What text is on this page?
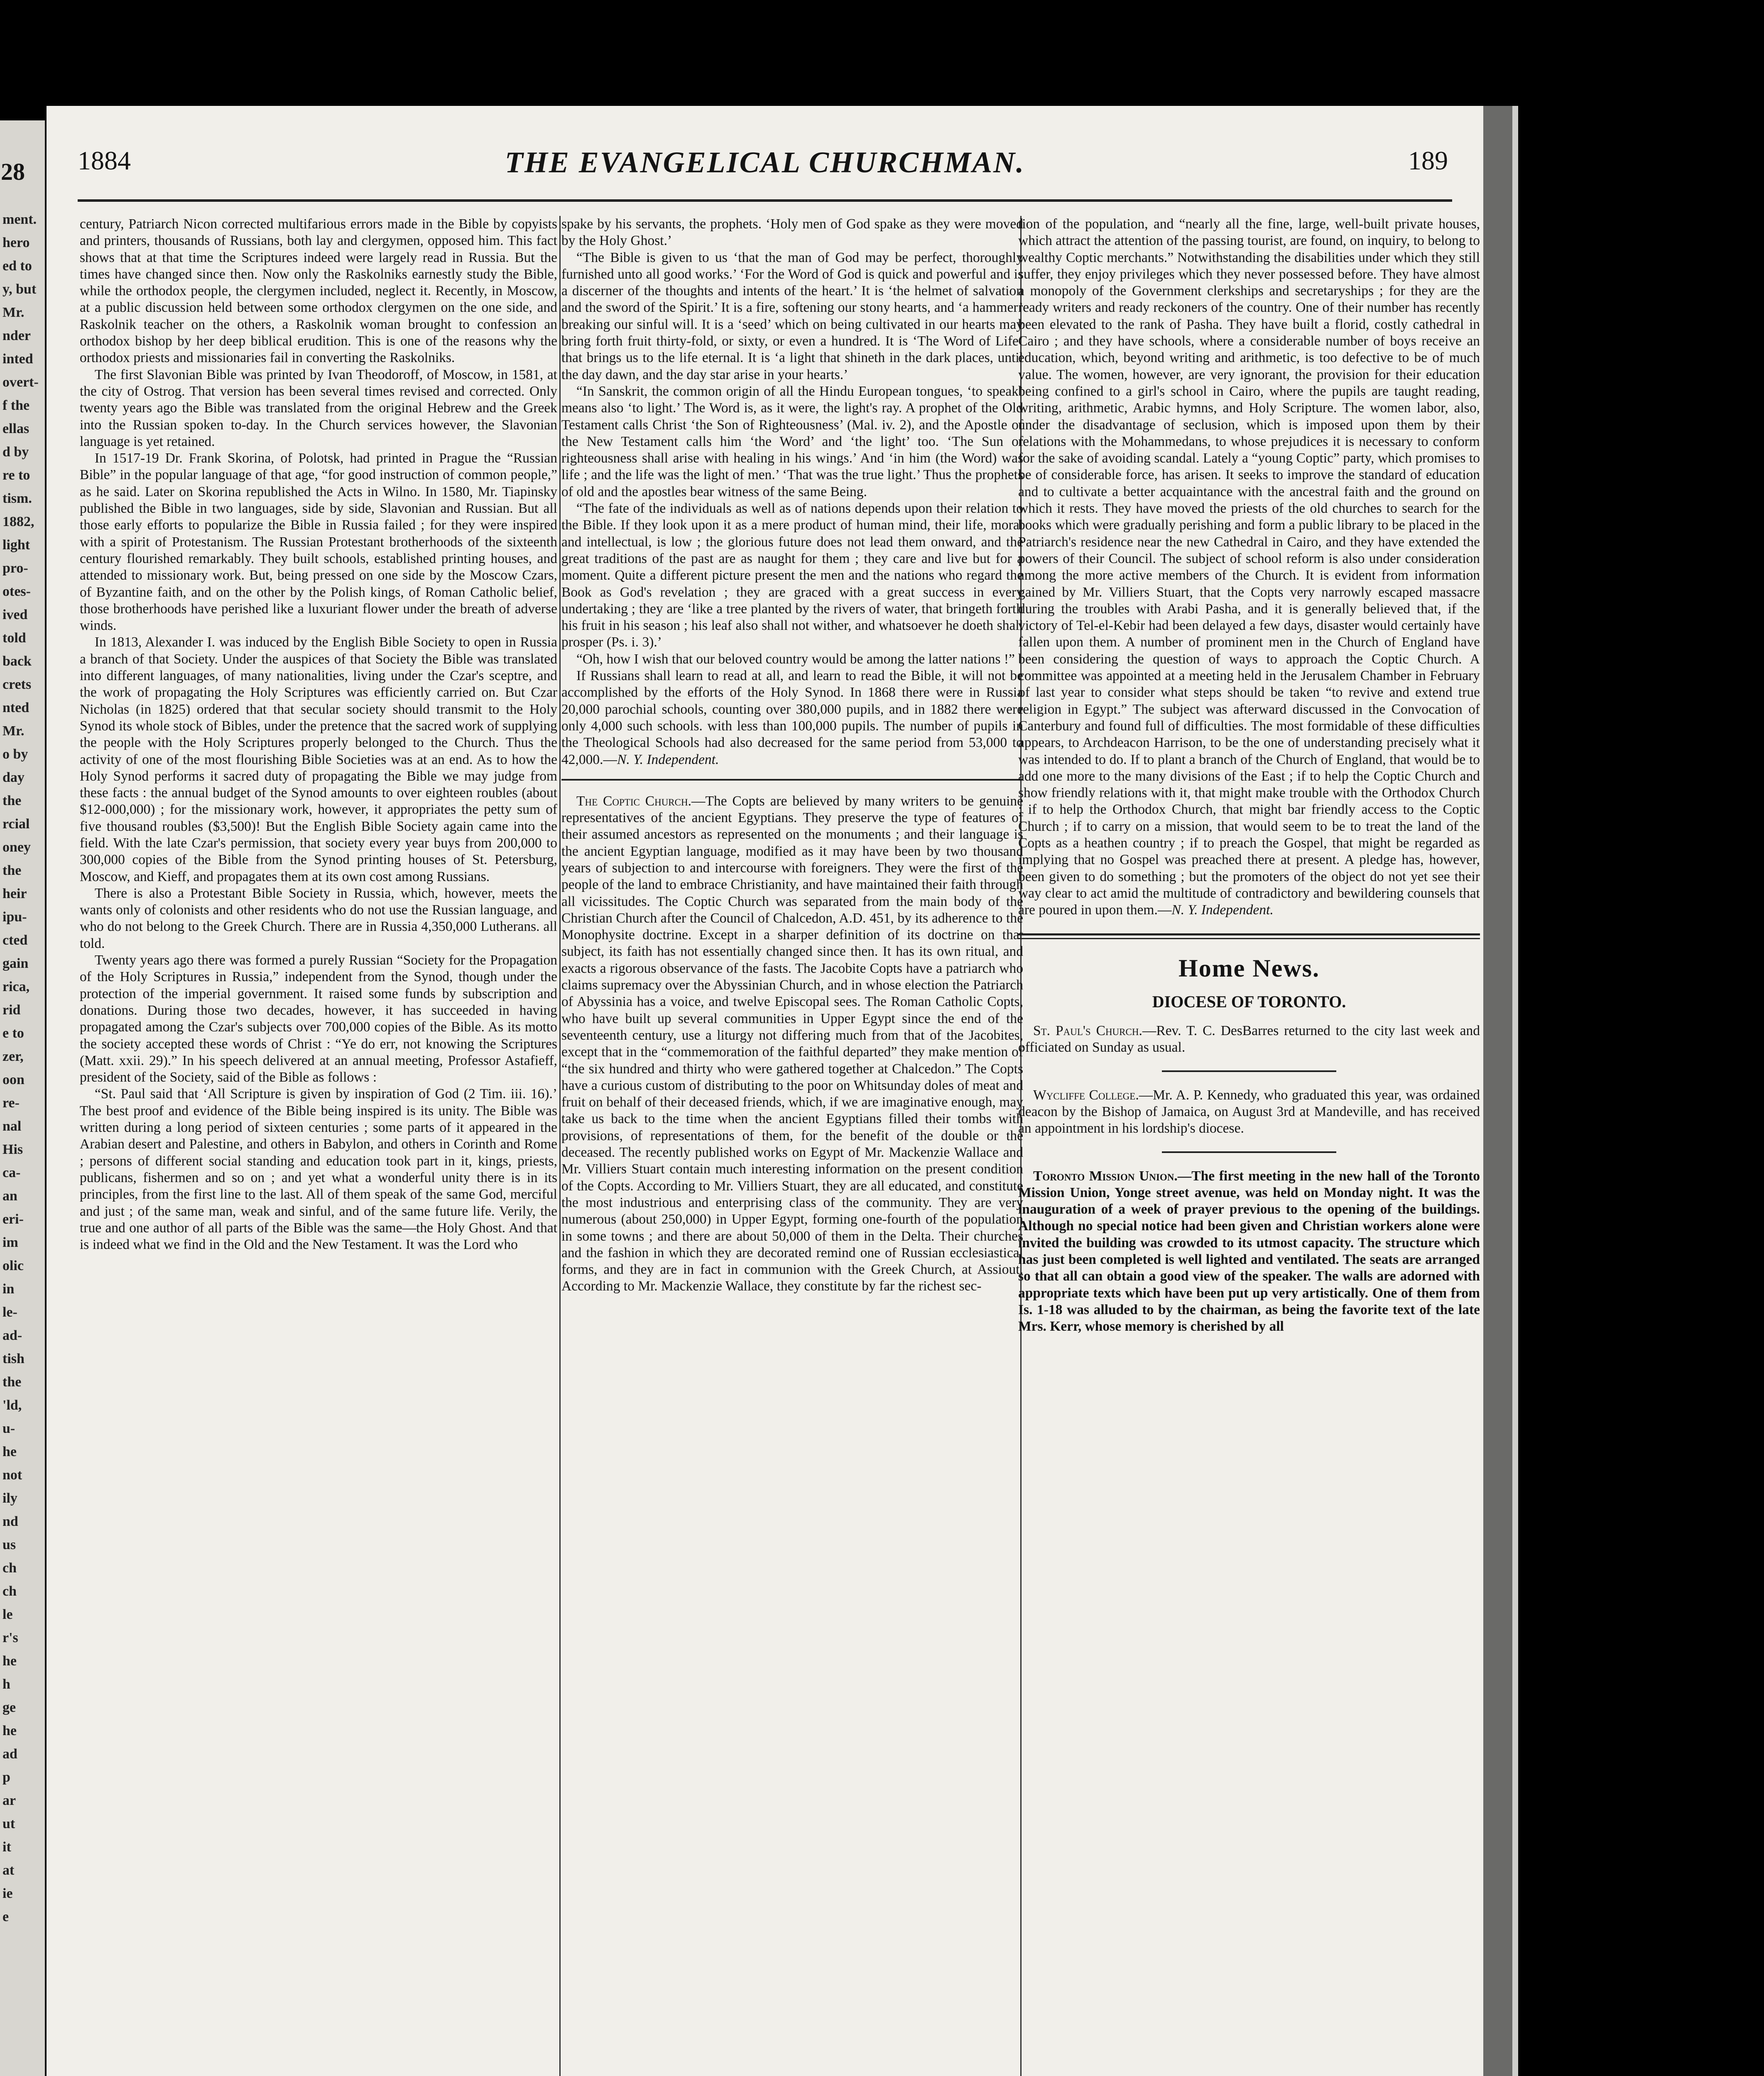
28
ment.
hero
ed to
y, but
Mr.
nder
inted
overt-
f the
ellas
d by
re to
tism.
1882,
light
pro-
otes-
ived
told
back
crets
nted
Mr.
o by
day
the
rcial
oney
the
heir
ipu-
cted
gain
rica,
rid
e to
zer,
oon
re-
nal
His
ca-
an
eri-
im
olic
in
le-
ad-
tish
the
'ld,
u-
he
not
ily
nd
us
ch
ch
le
r's
he
h
ge
he
ad
p
ar
ut
it
at
ie
e
1884	THE EVANGELICAL CHURCHMAN.	189

century, Patriarch Nicon corrected multifarious errors made in the Bible by copyists and printers, thousands of Russians, both lay and clergymen, opposed him. This fact shows that at that time the Scriptures indeed were largely read in Russia. But the times have changed since then. Now only the Raskolniks earnestly study the Bible, while the orthodox people, the clergymen included, neglect it. Recently, in Moscow, at a public discussion held between some orthodox clergymen on the one side, and Raskolnik teacher on the others, a Raskolnik woman brought to confession an orthodox bishop by her deep biblical erudition. This is one of the reasons why the orthodox priests and missionaries fail in converting the Raskolniks.

The first Slavonian Bible was printed by Ivan Theodoroff, of Moscow, in 1581, at the city of Ostrog. That version has been several times revised and corrected. Only twenty years ago the Bible was translated from the original Hebrew and the Greek into the Russian spoken to-day. In the Church services however, the Slavonian language is yet retained.

In 1517-19 Dr. Frank Skorina, of Polotsk, had printed in Prague the “Russian Bible” in the popular language of that age, “for good instruction of common people,” as he said. Later on Skorina republished the Acts in Wilno. In 1580, Mr. Tiapinsky published the Bible in two languages, side by side, Slavonian and Russian. But all those early efforts to popularize the Bible in Russia failed ; for they were inspired with a spirit of Protestanism. The Russian Protestant brotherhoods of the sixteenth century flourished remarkably. They built schools, established printing houses, and attended to missionary work. But, being pressed on one side by the Moscow Czars, of Byzantine faith, and on the other by the Polish kings, of Roman Catholic belief, those brotherhoods have perished like a luxuriant flower under the breath of adverse winds.

In 1813, Alexander I. was induced by the English Bible Society to open in Russia a branch of that Society. Under the auspices of that Society the Bible was translated into different languages, of many nationalities, living under the Czar's sceptre, and the work of propagating the Holy Scriptures was efficiently carried on. But Czar Nicholas (in 1825) ordered that that secular society should transmit to the Holy Synod its whole stock of Bibles, under the pretence that the sacred work of supplying the people with the Holy Scriptures properly belonged to the Church. Thus the activity of one of the most flourishing Bible Societies was at an end. As to how the Holy Synod performs it sacred duty of propagating the Bible we may judge from these facts : the annual budget of the Synod amounts to over eighteen roubles (about $12-000,000) ; for the missionary work, however, it appropriates the petty sum of five thousand roubles ($3,500)! But the English Bible Society again came into the field. With the late Czar's permission, that society every year buys from 200,000 to 300,000 copies of the Bible from the Synod printing houses of St. Petersburg, Moscow, and Kieff, and propagates them at its own cost among Russians.

There is also a Protestant Bible Society in Russia, which, however, meets the wants only of colonists and other residents who do not use the Russian language, and who do not belong to the Greek Church. There are in Russia 4,350,000 Lutherans. all told.

Twenty years ago there was formed a purely Russian “Society for the Propagation of the Holy Scriptures in Russia,” independent from the Synod, though under the protection of the imperial government. It raised some funds by subscription and donations. During those two decades, however, it has succeeded in having propagated among the Czar's subjects over 700,000 copies of the Bible. As its motto the society accepted these words of Christ : “Ye do err, not knowing the Scriptures (Matt. xxii. 29).” In his speech delivered at an annual meeting, Professor Astafieff, president of the Society, said of the Bible as follows :

“St. Paul said that ‘All Scripture is given by inspiration of God (2 Tim. iii. 16).’ The best proof and evidence of the Bible being inspired is its unity. The Bible was written during a long period of sixteen centuries ; some parts of it appeared in the Arabian desert and Palestine, and others in Babylon, and others in Corinth and Rome ; persons of different social standing and education took part in it, kings, priests, publicans, fishermen and so on ; and yet what a wonderful unity there is in its principles, from the first line to the last. All of them speak of the same God, merciful and just ; of the same man, weak and sinful, and of the same future life. Verily, the true and one author of all parts of the Bible was the same—the Holy Ghost. And that is indeed what we find in the Old and the New Testament. It was the Lord who

spake by his servants, the prophets. ‘Holy men of God spake as they were moved by the Holy Ghost.’

“The Bible is given to us ‘that the man of God may be perfect, thoroughly furnished unto all good works.’ ‘For the Word of God is quick and powerful and is a discerner of the thoughts and intents of the heart.’ It is ‘the helmet of salvation and the sword of the Spirit.’ It is a fire, softening our stony hearts, and ‘a hammer’ breaking our sinful will. It is a ‘seed’ which on being cultivated in our hearts may bring forth fruit thirty-fold, or sixty, or even a hundred. It is ‘The Word of Life’ that brings us to the life eternal. It is ‘a light that shineth in the dark places, until the day dawn, and the day star arise in your hearts.’

“In Sanskrit, the common origin of all the Hindu European tongues, ‘to speak’ means also ‘to light.’ The Word is, as it were, the light's ray. A prophet of the Old Testament calls Christ ‘the Son of Righteousness’ (Mal. iv. 2), and the Apostle of the New Testament calls him ‘the Word’ and ‘the light’ too. ‘The Sun of righteousness shall arise with healing in his wings.’ And ‘in him (the Word) was life ; and the life was the light of men.’ ‘That was the true light.’ Thus the prophets of old and the apostles bear witness of the same Being.

“The fate of the individuals as well as of nations depends upon their relation to the Bible. If they look upon it as a mere product of human mind, their life, moral and intellectual, is low ; the glorious future does not lead them onward, and the great traditions of the past are as naught for them ; they care and live but for a moment. Quite a different picture present the men and the nations who regard the Book as God's revelation ; they are graced with a great success in every undertaking ; they are ‘like a tree planted by the rivers of water, that bringeth forth his fruit in his season ; his leaf also shall not wither, and whatsoever he doeth shall prosper (Ps. i. 3).’

“Oh, how I wish that our beloved country would be among the latter nations !”

If Russians shall learn to read at all, and learn to read the Bible, it will not be accomplished by the efforts of the Holy Synod. In 1868 there were in Russia 20,000 parochial schools, counting over 380,000 pupils, and in 1882 there were only 4,000 such schools. with less than 100,000 pupils. The number of pupils in the Theological Schools had also decreased for the same period from 53,000 to 42,000.—N. Y. Independent.

The Coptic Church.—The Copts are believed by many writers to be genuine representatives of the ancient Egyptians. They preserve the type of features of their assumed ancestors as represented on the monuments ; and their language is the ancient Egyptian language, modified as it may have been by two thousand years of subjection to and intercourse with foreigners. They were the first of the people of the land to embrace Christianity, and have maintained their faith through all vicissitudes. The Coptic Church was separated from the main body of the Christian Church after the Council of Chalcedon, A.D. 451, by its adherence to the Monophysite doctrine. Except in a sharper definition of its doctrine on that subject, its faith has not essentially changed since then. It has its own ritual, and exacts a rigorous observance of the fasts. The Jacobite Copts have a patriarch who claims supremacy over the Abyssinian Church, and in whose election the Patriarch of Abyssinia has a voice, and twelve Episcopal sees. The Roman Catholic Copts, who have built up several communities in Upper Egypt since the end of the seventeenth century, use a liturgy not differing much from that of the Jacobites, except that in the “commemoration of the faithful departed” they make mention of “the six hundred and thirty who were gathered together at Chalcedon.” The Copts have a curious custom of distributing to the poor on Whitsunday doles of meat and fruit on behalf of their deceased friends, which, if we are imaginative enough, may take us back to the time when the ancient Egyptians filled their tombs with provisions, of representations of them, for the benefit of the double or the deceased. The recently published works on Egypt of Mr. Mackenzie Wallace and Mr. Villiers Stuart contain much interesting information on the present condition of the Copts. According to Mr. Villiers Stuart, they are all educated, and constitute the most industrious and enterprising class of the community. They are very numerous (about 250,000) in Upper Egypt, forming one-fourth of the population in some towns ; and there are about 50,000 of them in the Delta. Their churches and the fashion in which they are decorated remind one of Russian ecclesiastical forms, and they are in fact in communion with the Greek Church, at Assiout. According to Mr. Mackenzie Wallace, they constitute by far the richest sec-

tion of the population, and “nearly all the fine, large, well-built private houses, which attract the attention of the passing tourist, are found, on inquiry, to belong to wealthy Coptic merchants.” Notwithstanding the disabilities under which they still suffer, they enjoy privileges which they never possessed before. They have almost a monopoly of the Government clerkships and secretaryships ; for they are the ready writers and ready reckoners of the country. One of their number has recently been elevated to the rank of Pasha. They have built a florid, costly cathedral in Cairo ; and they have schools, where a considerable number of boys receive an education, which, beyond writing and arithmetic, is too defective to be of much value. The women, however, are very ignorant, the provision for their education being confined to a girl's school in Cairo, where the pupils are taught reading, writing, arithmetic, Arabic hymns, and Holy Scripture. The women labor, also, under the disadvantage of seclusion, which is imposed upon them by their relations with the Mohammedans, to whose prejudices it is necessary to conform for the sake of avoiding scandal. Lately a “young Coptic” party, which promises to be of considerable force, has arisen. It seeks to improve the standard of education and to cultivate a better acquaintance with the ancestral faith and the ground on which it rests. They have moved the priests of the old churches to search for the books which were gradually perishing and form a public library to be placed in the Patriarch's residence near the new Cathedral in Cairo, and they have extended the powers of their Council. The subject of school reform is also under consideration among the more active members of the Church. It is evident from information gained by Mr. Villiers Stuart, that the Copts very narrowly escaped massacre during the troubles with Arabi Pasha, and it is generally believed that, if the victory of Tel-el-Kebir had been delayed a few days, disaster would certainly have fallen upon them. A number of prominent men in the Church of England have been considering the question of ways to approach the Coptic Church. A committee was appointed at a meeting held in the Jerusalem Chamber in February of last year to consider what steps should be taken “to revive and extend true religion in Egypt.” The subject was afterward discussed in the Convocation of Canterbury and found full of difficulties. The most formidable of these difficulties appears, to Archdeacon Harrison, to be the one of understanding precisely what it was intended to do. If to plant a branch of the Church of England, that would be to add one more to the many divisions of the East ; if to help the Coptic Church and show friendly relations with it, that might make trouble with the Orthodox Church ; if to help the Orthodox Church, that might bar friendly access to the Coptic Church ; if to carry on a mission, that would seem to be to treat the land of the Copts as a heathen country ; if to preach the Gospel, that might be regarded as implying that no Gospel was preached there at present. A pledge has, however, been given to do something ; but the promoters of the object do not yet see their way clear to act amid the multitude of contradictory and bewildering counsels that are poured in upon them.—N. Y. Independent.

Home News.
DIOCESE OF TORONTO.

St. Paul's Church.—Rev. T. C. DesBarres returned to the city last week and officiated on Sunday as usual.

Wycliffe College.—Mr. A. P. Kennedy, who graduated this year, was ordained deacon by the Bishop of Jamaica, on August 3rd at Mandeville, and has received an appointment in his lordship's diocese.

Toronto Mission Union.—The first meeting in the new hall of the Toronto Mission Union, Yonge street avenue, was held on Monday night. It was the inauguration of a week of prayer previous to the opening of the buildings. Although no special notice had been given and Christian workers alone were invited the building was crowded to its utmost capacity. The structure which has just been completed is well lighted and ventilated. The seats are arranged so that all can obtain a good view of the speaker. The walls are adorned with appropriate texts which have been put up very artistically. One of them from Is. 1-18 was alluded to by the chairman, as being the favorite text of the late Mrs. Kerr, whose memory is cherished by all
